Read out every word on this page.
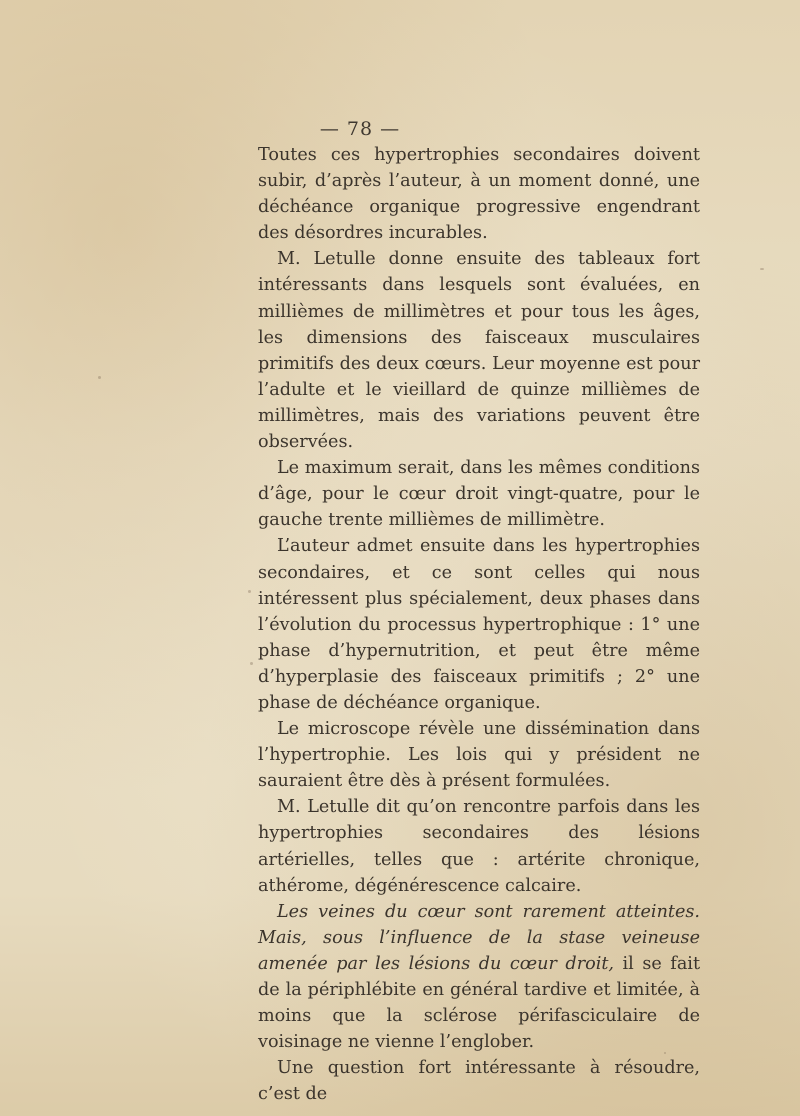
— 78 —

Toutes ces hypertrophies secondaires doivent subir, d’après l’auteur, à un moment donné, une déchéance organique progressive engendrant des désordres incurables.

M. Letulle donne ensuite des tableaux fort intéressants dans lesquels sont évaluées, en millièmes de millimètres et pour tous les âges, les dimensions des faisceaux musculaires primitifs des deux cœurs. Leur moyenne est pour l’adulte et le vieillard de quinze millièmes de millimètres, mais des variations peuvent être observées.

Le maximum serait, dans les mêmes conditions d’âge, pour le cœur droit vingt-quatre, pour le gauche trente millièmes de millimètre.

L’auteur admet ensuite dans les hypertrophies secondaires, et ce sont celles qui nous intéressent plus spécialement, deux phases dans l’évolution du processus hypertrophique : 1° une phase d’hypernutrition, et peut être même d’hyperplasie des faisceaux primitifs ; 2° une phase de déchéance organique.

Le microscope révèle une dissémination dans l’hypertrophie. Les lois qui y président ne sauraient être dès à présent formulées.

M. Letulle dit qu’on rencontre parfois dans les hypertrophies secondaires des lésions artérielles, telles que : artérite chronique, athérome, dégénérescence calcaire.

Les veines du cœur sont rarement atteintes. Mais, sous l’influence de la stase veineuse amenée par les lésions du cœur droit, il se fait de la périphlébite en général tardive et limitée, à moins que la sclérose périfasciculaire de voisinage ne vienne l’englober.

Une question fort intéressante à résoudre, c’est de
